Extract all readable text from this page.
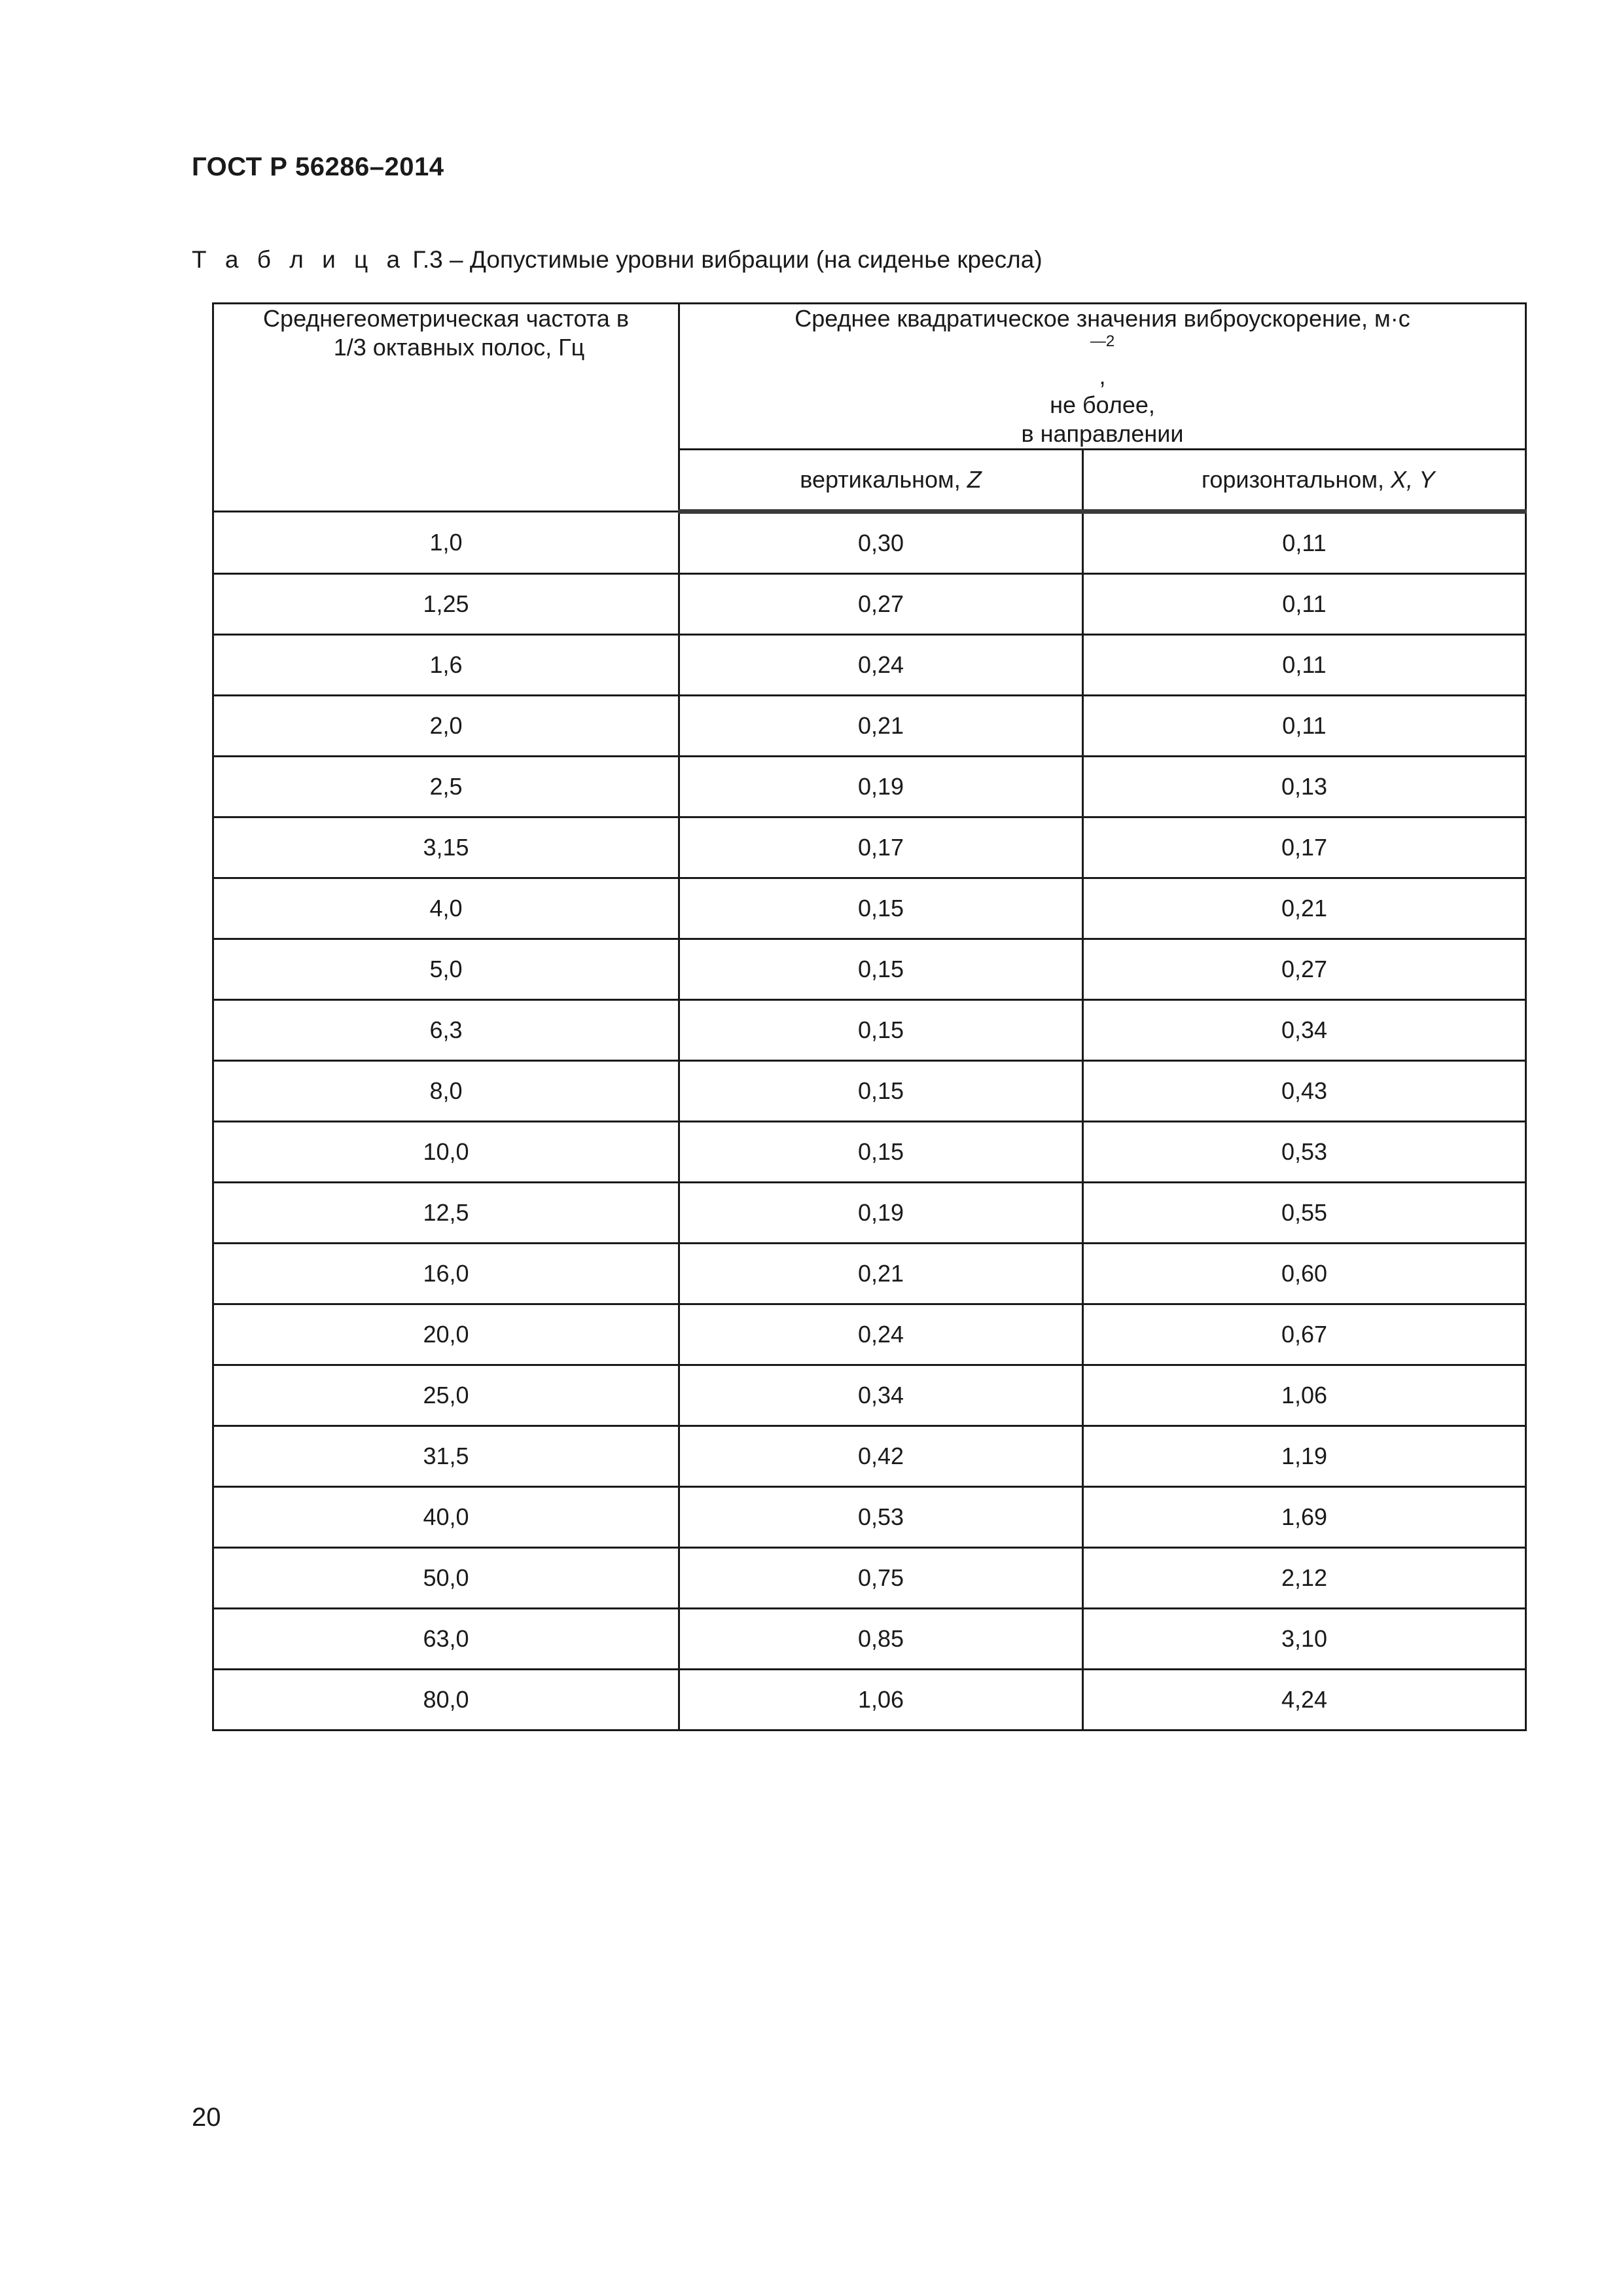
ГОСТ Р 56286–2014
Т а б л и ц а Г.3 – Допустимые уровни вибрации (на сиденье кресла)
Среднегеометрическая частота в
1/3 октавных полос, Гц	Среднее квадратическое значения виброускорение, м·с
$^{—2}$
,
не более,
в направлении	

	вертикальном, Z	горизонтальном, X, Y
1,0	0,30	0,11
1,25	0,27	0,11
1,6	0,24	0,11
2,0	0,21	0,11
2,5	0,19	0,13
3,15	0,17	0,17
4,0	0,15	0,21
5,0	0,15	0,27
6,3	0,15	0,34
8,0	0,15	0,43
10,0	0,15	0,53
12,5	0,19	0,55
16,0	0,21	0,60
20,0	0,24	0,67
25,0	0,34	1,06
31,5	0,42	1,19
40,0	0,53	1,69
50,0	0,75	2,12
63,0	0,85	3,10
80,0	1,06	4,24
20
